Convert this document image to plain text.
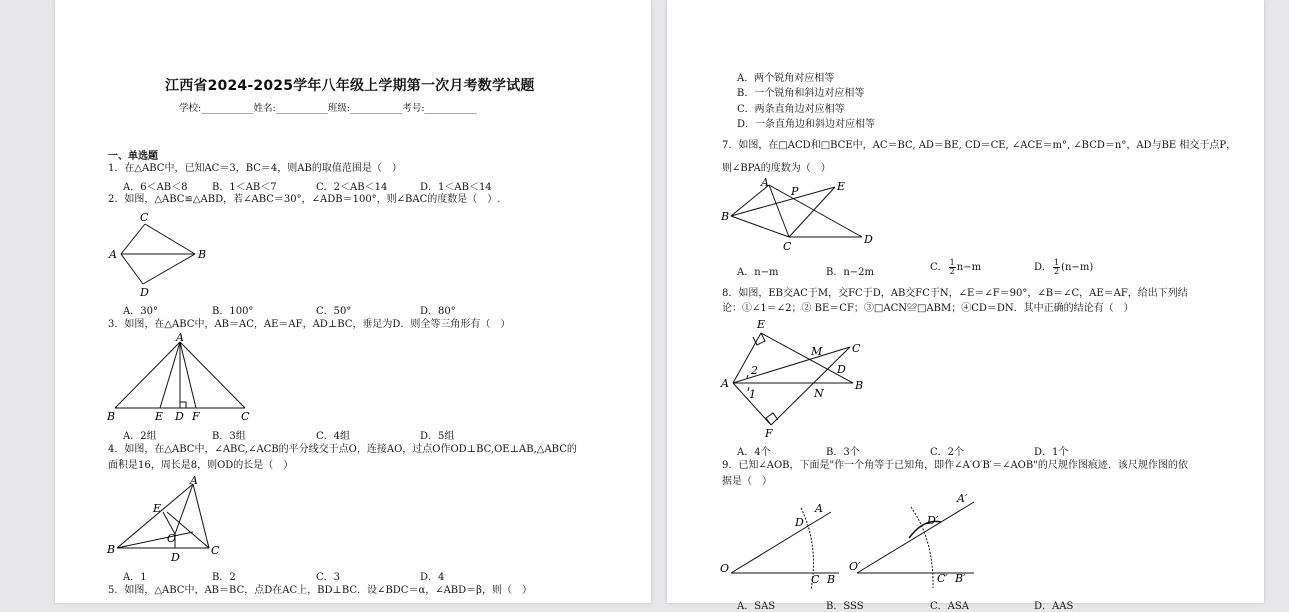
江西省2024-2025学年八年级上学期第一次月考数学试题
学校:___________姓名:___________班级:___________考号:___________
一、单选题
1．在△ABC中，已知AC＝3，BC＝4，则AB的取值范围是（　）
A．6＜AB＜8 B．1＜AB＜7	C．2＜AB＜14	D．1＜AB＜14
2．如图，△ABC≌△ABD，若∠ABC＝30°，∠ADB＝100°，则∠BAC的度数是（　）.
C
A	B
D
A．30°	B．100°	C．50°	D．80°
3．如图，在△ABC中，AB＝AC，AE＝AF，AD⊥BC，垂足为D．则全等三角形有（　）
A
B	E D F	C
A．2组	B．3组	C．4组	D．5组
4．如图，在△ABC中，∠ABC,∠ACB的平分线交于点O，连接AO，过点O作OD⊥BC,OE⊥AB,△ABC的
面积是16，周长是8，则OD的长是（　）
A
E
O
B
D
C
A．1	B．2	C．3	D．4
5．如图，△ABC中，AB＝BC，点D在AC上，BD⊥BC．设∠BDC＝α，∠ABD＝β，则（　）
A．两个锐角对应相等
B．一个锐角和斜边对应相等
C．两条直角边对应相等
D．一条直角边和斜边对应相等
7．如图，在□ACD和□BCE中，AC＝BC, AD＝BE, CD＝CE, ∠ACE＝m°, ∠BCD＝n°，AD与BE 相交于点P，
则∠BPA的度数为（　）
A
P	E
B
C
D
A．n−m	B．n−2m	C． $\frac{1}{2} n-m$	D． $\frac{1}{2} (n-m)$
8．如图，EB交AC于M，交FC于D，AB交FC于N，∠E＝∠F＝90°，∠B＝∠C，AE＝AF，给出下列结
论：①∠1＝∠2；② BE＝CF；③□ACN≌□ABM；④CD＝DN．其中正确的结论有（　）
E
M	C
2	D
A	B
1	N
F
A．4个	B．3个	C．2个	D．1个
9．已知∠AOB，下面是"作一个角等于已知角，即作∠A′O′B′＝∠AOB"的尺规作图痕迹．该尺规作图的依
据是（　）
D
A
O
C B
A′
D′
O′
C′ B′
A．SAS	B．SSS	C．ASA	D．AAS
